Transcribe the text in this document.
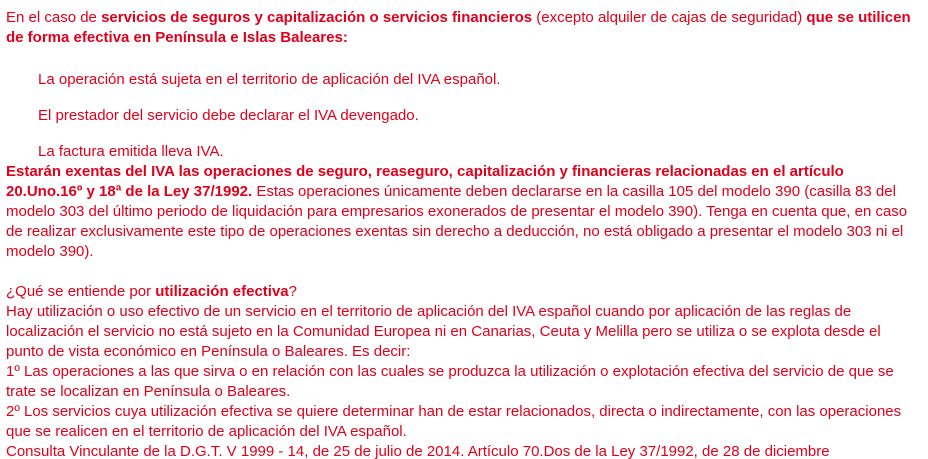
En el caso de servicios de seguros y capitalización o servicios financieros (excepto alquiler de cajas de seguridad) que se utilicen de forma efectiva en Península e Islas Baleares:

La operación está sujeta en el territorio de aplicación del IVA español.

El prestador del servicio debe declarar el IVA devengado.

La factura emitida lleva IVA.

Estarán exentas del IVA las operaciones de seguro, reaseguro, capitalización y financieras relacionadas en el artículo 20.Uno.16º y 18ª de la Ley 37/1992. Estas operaciones únicamente deben declararse en la casilla 105 del modelo 390 (casilla 83 del modelo 303 del último periodo de liquidación para empresarios exonerados de presentar el modelo 390). Tenga en cuenta que, en caso de realizar exclusivamente este tipo de operaciones exentas sin derecho a deducción, no está obligado a presentar el modelo 303 ni el modelo 390).

¿Qué se entiende por utilización efectiva?

Hay utilización o uso efectivo de un servicio en el territorio de aplicación del IVA español cuando por aplicación de las reglas de localización el servicio no está sujeto en la Comunidad Europea ni en Canarias, Ceuta y Melilla pero se utiliza o se explota desde el punto de vista económico en Península o Baleares. Es decir:

1º Las operaciones a las que sirva o en relación con las cuales se produzca la utilización o explotación efectiva del servicio de que se trate se localizan en Península o Baleares.

2º Los servicios cuya utilización efectiva se quiere determinar han de estar relacionados, directa o indirectamente, con las operaciones que se realicen en el territorio de aplicación del IVA español.

Consulta Vinculante de la D.G.T. V 1999 - 14, de 25 de julio de 2014. Artículo 70.Dos de la Ley 37/1992, de 28 de diciembre
